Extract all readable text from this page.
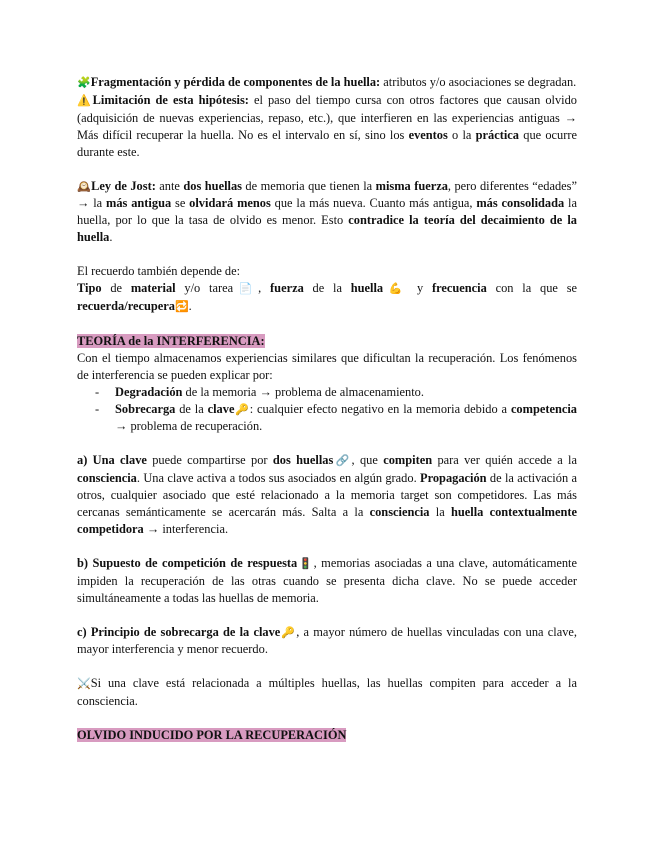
🧩Fragmentación y pérdida de componentes de la huella: atributos y/o asociaciones se degradan.

⚠️Limitación de esta hipótesis: el paso del tiempo cursa con otros factores que causan olvido (adquisición de nuevas experiencias, repaso, etc.), que interfieren en las experiencias antiguas → Más difícil recuperar la huella. No es el intervalo en sí, sino los eventos o la práctica que ocurre durante este.

🕰️Ley de Jost: ante dos huellas de memoria que tienen la misma fuerza, pero diferentes “edades” → la más antigua se olvidará menos que la más nueva. Cuanto más antigua, más consolidada la huella, por lo que la tasa de olvido es menor. Esto contradice la teoría del decaimiento de la huella.

El recuerdo también depende de:

Tipo de material y/o tarea📄, fuerza de la huella💪 y frecuencia con la que se recuerda/recupera🔁.

TEORÍA de la INTERFERENCIA:

Con el tiempo almacenamos experiencias similares que dificultan la recuperación. Los fenómenos de interferencia se pueden explicar por:

- Degradación de la memoria → problema de almacenamiento.
- Sobrecarga de la clave🔑: cualquier efecto negativo en la memoria debido a competencia → problema de recuperación.

a) Una clave puede compartirse por dos huellas🔗, que compiten para ver quién accede a la consciencia. Una clave activa a todos sus asociados en algún grado. Propagación de la activación a otros, cualquier asociado que esté relacionado a la memoria target son competidores. Las más cercanas semánticamente se acercarán más. Salta a la consciencia la huella contextualmente competidora → interferencia.

b) Supuesto de competición de respuesta🚦, memorias asociadas a una clave, automáticamente impiden la recuperación de las otras cuando se presenta dicha clave. No se puede acceder simultáneamente a todas las huellas de memoria.

c) Principio de sobrecarga de la clave🔑, a mayor número de huellas vinculadas con una clave, mayor interferencia y menor recuerdo.

⚔️Si una clave está relacionada a múltiples huellas, las huellas compiten para acceder a la consciencia.

OLVIDO INDUCIDO POR LA RECUPERACIÓN
